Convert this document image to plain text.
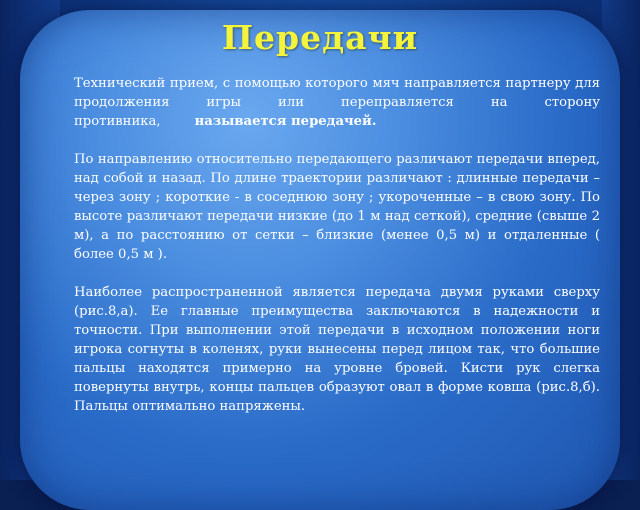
Передачи

Технический прием, с помощью которого мяч направляется партнеру для продолжения игры или переправляется на сторону противника,	называется передачей.

По направлению относительно передающего различают передачи вперед, над собой и назад. По длине траектории различают : длинные передачи – через зону ; короткие - в соседнюю зону ; укороченные – в свою зону. По высоте различают передачи низкие (до 1 м над сеткой), средние (свыше 2 м), а по расстоянию от сетки – близкие (менее 0,5 м) и отдаленные ( более 0,5 м ).

Наиболее распространенной является передача двумя руками сверху (рис.8,а). Ее главные преимущества заключаются в надежности и точности. При выполнении этой передачи в исходном положении ноги игрока согнуты в коленях, руки вынесены перед лицом так, что большие пальцы находятся примерно на уровне бровей. Кисти рук слегка повернуты внутрь, концы пальцев образуют овал в форме ковша (рис.8,б). Пальцы оптимально напряжены.
